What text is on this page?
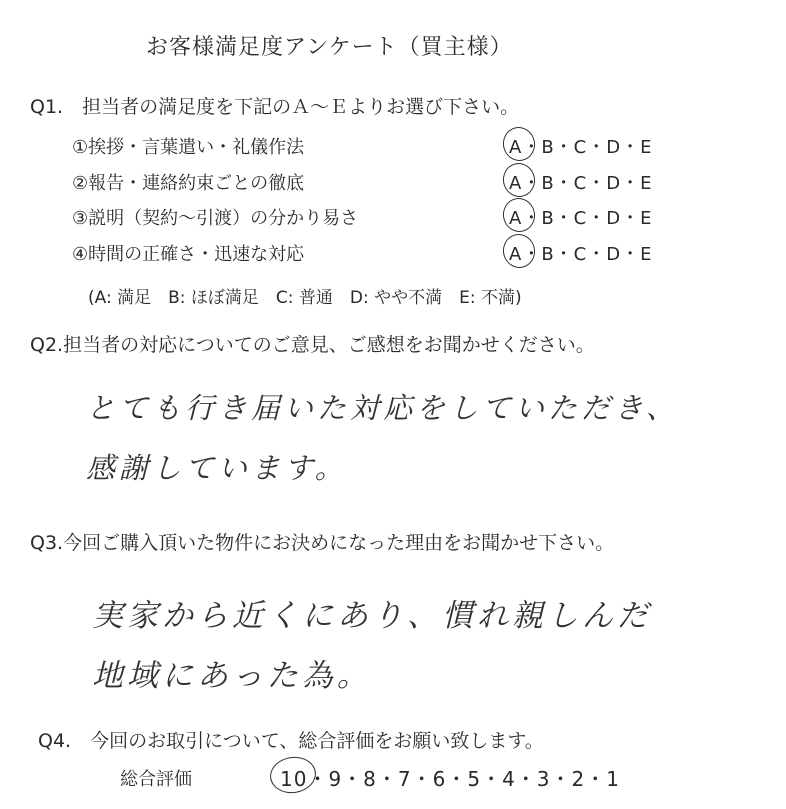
お客様満足度アンケート（買主様）
Q1.　担当者の満足度を下記のＡ～Ｅよりお選び下さい。
①挨拶・言葉遣い・礼儀作法	A・B・C・D・E
②報告・連絡約束ごとの徹底	A・B・C・D・E
③説明（契約～引渡）の分かり易さ	A・B・C・D・E
④時間の正確さ・迅速な対応	A・B・C・D・E
(A: 満足　B: ほぼ満足　C: 普通　D: やや不満　E: 不満)
Q2.担当者の対応についてのご意見、ご感想をお聞かせください。
とても行き届いた対応をしていただき、
感謝しています。
Q3.今回ご購入頂いた物件にお決めになった理由をお聞かせ下さい。
実家から近くにあり、慣れ親しんだ
地域にあった為。
Q4.　今回のお取引について、総合評価をお願い致します。
総合評価	10・9・8・7・6・5・4・3・2・1
